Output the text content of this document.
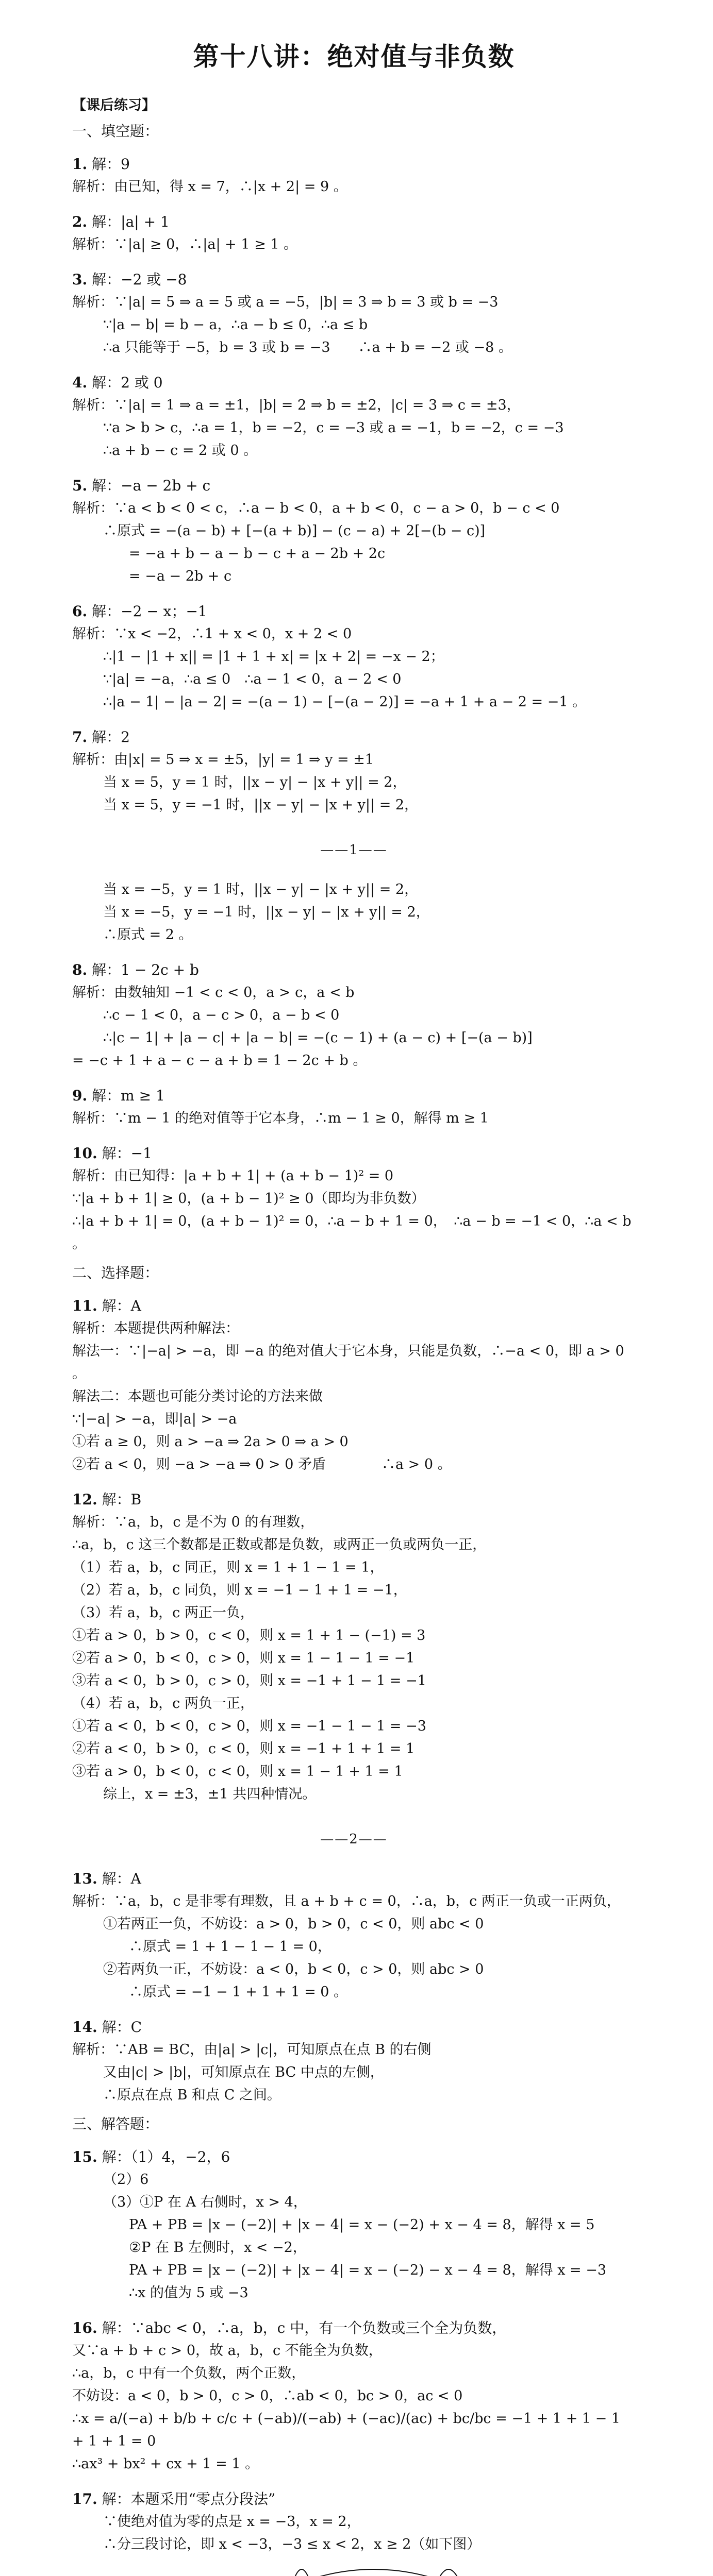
第十八讲：绝对值与非负数
【课后练习】
一、填空题：
1. 解：9
解析：由已知，得 x = 7，∴|x + 2| = 9 。
2. 解：|a| + 1
解析：∵|a| ≥ 0，∴|a| + 1 ≥ 1 。
3. 解：−2 或 −8
解析：∵|a| = 5 ⇒ a = 5 或 a = −5，|b| = 3 ⇒ b = 3 或 b = −3
∵|a − b| = b − a，∴a − b ≤ 0，∴a ≤ b
∴a 只能等于 −5，b = 3 或 b = −3　　∴a + b = −2 或 −8 。
4. 解：2 或 0
解析：∵|a| = 1 ⇒ a = ±1，|b| = 2 ⇒ b = ±2，|c| = 3 ⇒ c = ±3，
∵a > b > c，∴a = 1，b = −2，c = −3 或 a = −1，b = −2，c = −3
∴a + b − c = 2 或 0 。
5. 解：−a − 2b + c
解析：∵a < b < 0 < c，∴a − b < 0，a + b < 0，c − a > 0，b − c < 0
∴原式 = −(a − b) + [−(a + b)] − (c − a) + 2[−(b − c)]
= −a + b − a − b − c + a − 2b + 2c
= −a − 2b + c
6. 解：−2 − x；−1
解析：∵x < −2，∴1 + x < 0，x + 2 < 0
∴|1 − |1 + x|| = |1 + 1 + x| = |x + 2| = −x − 2；
∵|a| = −a，∴a ≤ 0　∴a − 1 < 0，a − 2 < 0
∴|a − 1| − |a − 2| = −(a − 1) − [−(a − 2)] = −a + 1 + a − 2 = −1 。
7. 解：2
解析：由|x| = 5 ⇒ x = ±5，|y| = 1 ⇒ y = ±1
当 x = 5，y = 1 时，||x − y| − |x + y|| = 2，
当 x = 5，y = −1 时，||x − y| − |x + y|| = 2，
——1——
当 x = −5，y = 1 时，||x − y| − |x + y|| = 2，
当 x = −5，y = −1 时，||x − y| − |x + y|| = 2，
∴原式 = 2 。
8. 解：1 − 2c + b
解析：由数轴知 −1 < c < 0，a > c，a < b
∴c − 1 < 0，a − c > 0，a − b < 0
∴|c − 1| + |a − c| + |a − b| = −(c − 1) + (a − c) + [−(a − b)]
= −c + 1 + a − c − a + b = 1 − 2c + b 。
9. 解：m ≥ 1
解析：∵m − 1 的绝对值等于它本身，∴m − 1 ≥ 0，解得 m ≥ 1
10. 解：−1
解析：由已知得：|a + b + 1| + (a + b − 1)² = 0
∵|a + b + 1| ≥ 0，(a + b − 1)² ≥ 0（即均为非负数）
∴|a + b + 1| = 0，(a + b − 1)² = 0，∴a − b + 1 = 0，　∴a − b = −1 < 0，∴a < b 。
二、选择题：
11. 解：A
解析：本题提供两种解法：
解法一：∵|−a| > −a，即 −a 的绝对值大于它本身，只能是负数，∴−a < 0，即 a > 0 。
解法二：本题也可能分类讨论的方法来做
∵|−a| > −a，即|a| > −a
①若 a ≥ 0，则 a > −a ⇒ 2a > 0 ⇒ a > 0
②若 a < 0，则 −a > −a ⇒ 0 > 0 矛盾　　　　∴a > 0 。
12. 解：B
解析：∵a，b，c 是不为 0 的有理数，
∴a，b，c 这三个数都是正数或都是负数，或两正一负或两负一正，
（1）若 a，b，c 同正，则 x = 1 + 1 − 1 = 1，
（2）若 a，b，c 同负，则 x = −1 − 1 + 1 = −1，
（3）若 a，b，c 两正一负，
①若 a > 0，b > 0，c < 0，则 x = 1 + 1 − (−1) = 3
②若 a > 0，b < 0，c > 0，则 x = 1 − 1 − 1 = −1
③若 a < 0，b > 0，c > 0，则 x = −1 + 1 − 1 = −1
（4）若 a，b，c 两负一正，
①若 a < 0，b < 0，c > 0，则 x = −1 − 1 − 1 = −3
②若 a < 0，b > 0，c < 0，则 x = −1 + 1 + 1 = 1
③若 a > 0，b < 0，c < 0，则 x = 1 − 1 + 1 = 1
综上，x = ±3，±1 共四种情况。
——2——
13. 解：A
解析：∵a，b，c 是非零有理数，且 a + b + c = 0，∴a，b，c 两正一负或一正两负，
①若两正一负，不妨设：a > 0，b > 0，c < 0，则 abc < 0
∴原式 = 1 + 1 − 1 − 1 = 0，
②若两负一正，不妨设：a < 0，b < 0，c > 0，则 abc > 0
∴原式 = −1 − 1 + 1 + 1 = 0 。
14. 解：C
解析：∵AB = BC，由|a| > |c|，可知原点在点 B 的右侧
又由|c| > |b|，可知原点在 BC 中点的左侧，
∴原点在点 B 和点 C 之间。
三、解答题：
15. 解：（1）4，−2，6
（2）6
（3）①P 在 A 右侧时，x > 4，
PA + PB = |x − (−2)| + |x − 4| = x − (−2) + x − 4 = 8，解得 x = 5
②P 在 B 左侧时，x < −2，
PA + PB = |x − (−2)| + |x − 4| = x − (−2) − x − 4 = 8，解得 x = −3
∴x 的值为 5 或 −3
16. 解：∵abc < 0，∴a，b，c 中，有一个负数或三个全为负数，
又∵a + b + c > 0，故 a，b，c 不能全为负数，
∴a，b，c 中有一个负数，两个正数，
不妨设：a < 0，b > 0，c > 0，∴ab < 0，bc > 0，ac < 0
∴x = a/(−a) + b/b + c/c + (−ab)/(−ab) + (−ac)/(ac) + bc/bc = −1 + 1 + 1 − 1 + 1 + 1 = 0
∴ax³ + bx² + cx + 1 = 1 。
17. 解：本题采用“零点分段法”
∵使绝对值为零的点是 x = −3，x = 2，
∴分三段讨论，即 x < −3，−3 ≤ x < 2，x ≥ 2（如下图）
